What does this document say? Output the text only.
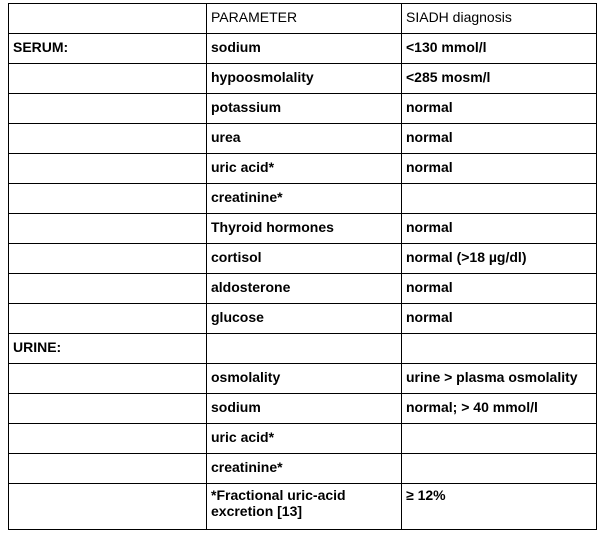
	PARAMETER	SIADH diagnosis
SERUM:	sodium	<130 mmol/l
	hypoosmolality	<285 mosm/l
	potassium	normal
	urea	normal
	uric acid*	normal
	creatinine*	
	Thyroid hormones	normal
	cortisol	normal (>18 µg/dl)
	aldosterone	normal
	glucose	normal
URINE:		
	osmolality	urine > plasma osmolality
	sodium	normal; > 40 mmol/l
	uric acid*	
	creatinine*	
	*Fractional uric-acid excretion [13]	≥ 12%
